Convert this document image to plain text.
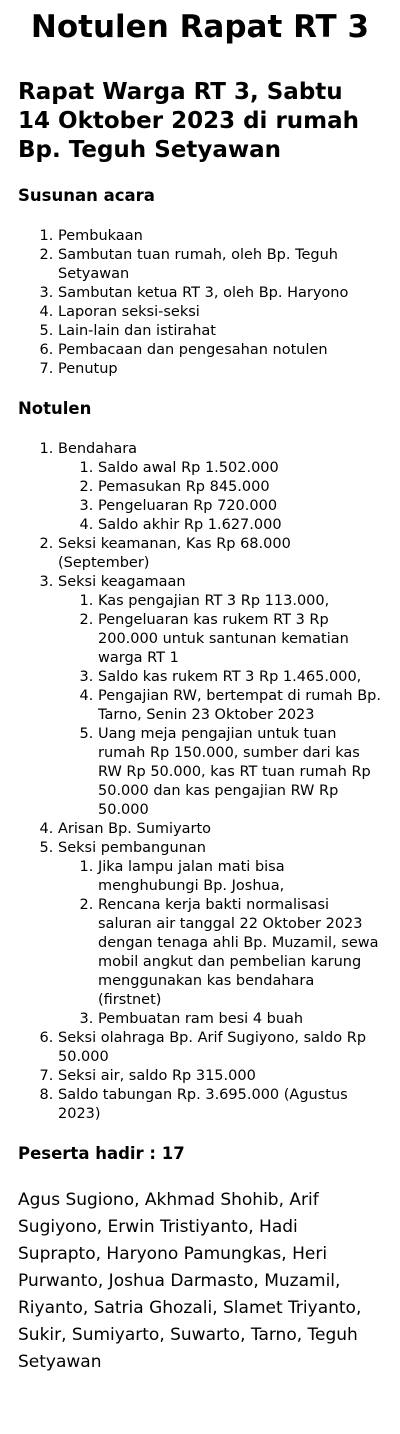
Notulen Rapat RT 3
Rapat Warga RT 3, Sabtu 14 Oktober 2023 di rumah Bp. Teguh Setyawan
Susunan acara
1. Pembukaan
2. Sambutan tuan rumah, oleh Bp. Teguh Setyawan
3. Sambutan ketua RT 3, oleh Bp. Haryono
4. Laporan seksi-seksi
5. Lain-lain dan istirahat
6. Pembacaan dan pengesahan notulen
7. Penutup
Notulen
1. Bendahara
1. Saldo awal Rp 1.502.000
2. Pemasukan Rp 845.000
3. Pengeluaran Rp 720.000
4. Saldo akhir Rp 1.627.000
2. Seksi keamanan, Kas Rp 68.000 (September)
3. Seksi keagamaan
1. Kas pengajian RT 3 Rp 113.000,
2. Pengeluaran kas rukem RT 3 Rp 200.000 untuk santunan kematian warga RT 1
3. Saldo kas rukem RT 3 Rp 1.465.000,
4. Pengajian RW, bertempat di rumah Bp. Tarno, Senin 23 Oktober 2023
5. Uang meja pengajian untuk tuan rumah Rp 150.000, sumber dari kas RW Rp 50.000, kas RT tuan rumah Rp 50.000 dan kas pengajian RW Rp 50.000
4. Arisan Bp. Sumiyarto
5. Seksi pembangunan
1. Jika lampu jalan mati bisa menghubungi Bp. Joshua,
2. Rencana kerja bakti normalisasi saluran air tanggal 22 Oktober 2023 dengan tenaga ahli Bp. Muzamil, sewa mobil angkut dan pembelian karung menggunakan kas bendahara (firstnet)
3. Pembuatan ram besi 4 buah
6. Seksi olahraga Bp. Arif Sugiyono, saldo Rp 50.000
7. Seksi air, saldo Rp 315.000
8. Saldo tabungan Rp. 3.695.000 (Agustus 2023)
Peserta hadir : 17

Agus Sugiono, Akhmad Shohib, Arif Sugiyono, Erwin Tristiyanto, Hadi Suprapto, Haryono Pamungkas, Heri Purwanto, Joshua Darmasto, Muzamil, Riyanto, Satria Ghozali, Slamet Triyanto, Sukir, Sumiyarto, Suwarto, Tarno, Teguh Setyawan
